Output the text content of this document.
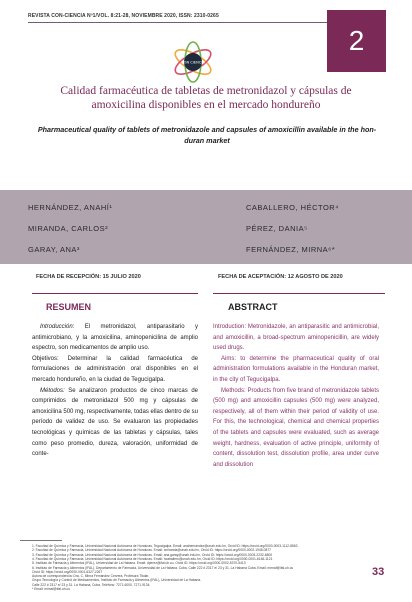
REVISTA CON-CIENCIA Nº1/VOL. 8:21-28, NOVIEMBRE 2020, ISSN: 2310-0265
2
CON CIENCIA
Calidad farmacéutica de tabletas de metronidazol y cápsulas de
amoxicilina disponibles en el mercado hondureño
Pharmaceutical quality of tablets of metronidazole and capsules of amoxicillin available in the hon-
duran market
HERNÁNDEZ, ANAHÍ¹	CABALLERO, HÉCTOR⁴
MIRANDA, CARLOS²	PÉREZ, DANIA⁵
GARAY, ANA³	FERNÁNDEZ, MIRNA⁶*
FECHA DE RECEPCIÓN: 15 JULIO 2020	FECHA DE ACEPTACIÓN: 12 AGOSTO DE 2020
RESUMEN	ABSTRACT

Introducción: El metronidazol, antiparasitario y antimicrobiano, y la amoxicilina, aminopenicilina de amplio espectro, son medicamentos de amplio uso.

Objetivos: Determinar la calidad farmacéutica de formulaciones de administración oral disponibles en el mercado hondureño, en la ciudad de Tegucigalpa.

Métodos: Se analizaron productos de cinco marcas de comprimidos de metronidazol 500 mg y cápsulas de amoxicilina 500 mg, respectivamente, todas ellas dentro de su período de validez de uso. Se evaluaron las propiedades tecnológicas y químicas de las tabletas y cápsulas, tales como peso promedio, dureza, valoración, uniformidad de conte-

Introduction: Metronidazole, an antiparasitic and antimicrobial, and amoxicillin, a broad-spectrum aminopenicillin, are widely used drugs.

Aims: to determine the pharmaceutical quality of oral administration formulations available in the Honduran market, in the city of Tegucigalpa.

Methods: Products from five brand of metronidazole tablets (500 mg) and amoxicillin capsules (500 mg) were analyzed, respectively, all of them within their period of validity of use. For this, the technological, chemical and chemical properties of the tablets and capsules were evaluated, such as average weight, hardness, evaluation of active principle, uniformity of content, dissolution test, dissolution profile, area under curve and dissolution

1. Facultad de Química y Farmacia, Universidad Nacional Autónoma de Honduras, Tegucigalpa. Email: anahernandez@unah.edu.hn, Orcid ID: https://orcid.org/0000-0003-1112-8563
2. Facultad de Química y Farmacia, Universidad Nacional Autónoma de Honduras. Email: cmiranda@unah.edu.hn, Orcid ID: https://orcid.org/0000-0002-1945-0877
3. Facultad de Química y Farmacia, Universidad Nacional Autónoma de Honduras. Email: ana.garay@unah.edu.hn, Orcid ID: https://orcid.org/0000-0003-2232-6800
4. Facultad de Química y Farmacia, Universidad Nacional Autónoma de Honduras. Email: hcaballero@unah.edu.hn, Orcid ID: https://orcid.org/0000-0001-6146-1121
5. Instituto de Farmacia y Alimentos (IFAL), Universidad de La Habana. Email: dperez@ifal.uh.cu, Orcid ID: https://orcid.org/0000-0002-5370-5413
6. Instituto de Farmacia y Alimentos (IFAL), Departamento de Farmacia, Universidad de La Habana, Cuba. Calle 222 # 2317 e/ 23 y 31. La Habana Cuba. Email: mirnaf@ifal.uh.cu
Orcid ID: https://orcid.org/0000-0001-6327-2267
Autora de correspondencia: Dra. C. Mirna Fernández Cervera, Profesora Titular.
Grupo Tecnología y Control de Medicamentos, Instituto de Farmacia y Alimentos (IFAL), Universidad de La Habana.
Calle 222 # 2317 e/ 23 y 31. La Habana, Cuba. Teléfono: 7271-6000, 7271-9134.
* Email: mirnaf@ifal.uh.cu
33
